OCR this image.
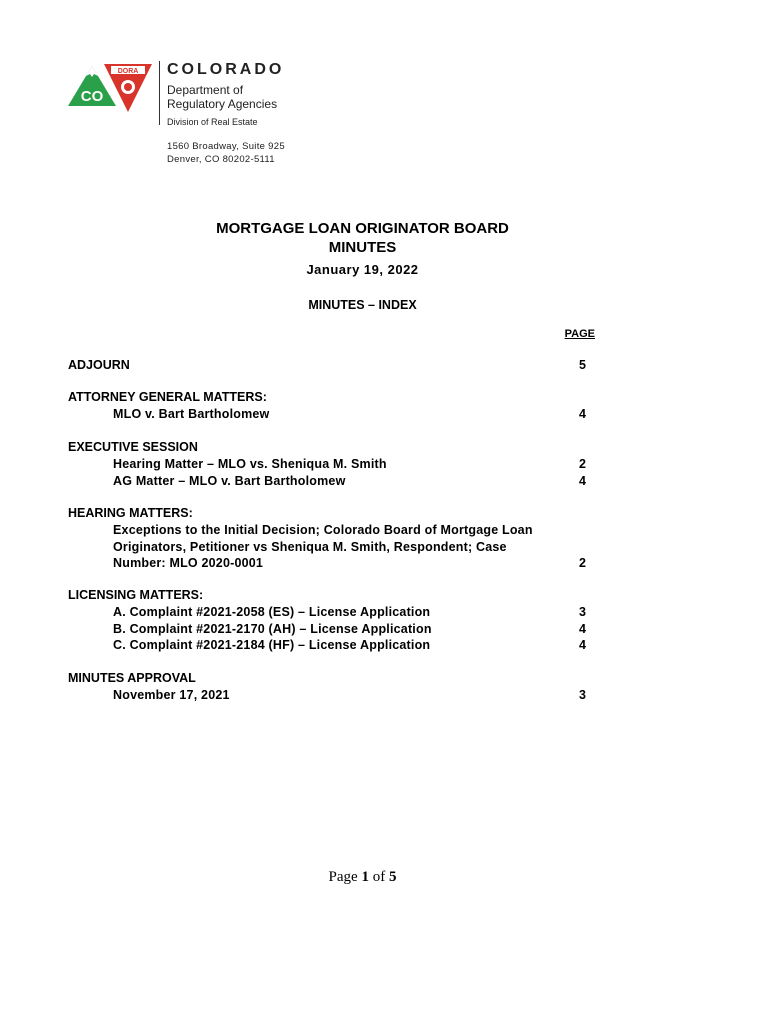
CO
DORA COLORADO
Department of
Regulatory Agencies
Division of Real Estate
1560 Broadway, Suite 925
Denver, CO 80202-5111
MORTGAGE LOAN ORIGINATOR BOARD
MINUTES
January 19, 2022
MINUTES – INDEX
PAGE
ADJOURN	5
ATTORNEY GENERAL MATTERS:
MLO v. Bart Bartholomew	4
EXECUTIVE SESSION
Hearing Matter – MLO vs. Sheniqua M. Smith	2
AG Matter – MLO v. Bart Bartholomew	4
HEARING MATTERS:
Exceptions to the Initial Decision; Colorado Board of Mortgage Loan
Originators, Petitioner vs Sheniqua M. Smith, Respondent; Case
Number: MLO 2020-0001	2
LICENSING MATTERS:
A. Complaint #2021-2058 (ES) – License Application	3
B. Complaint #2021-2170 (AH) – License Application	4
C. Complaint #2021-2184 (HF) – License Application	4
MINUTES APPROVAL
November 17, 2021	3
Page 1 of 5
